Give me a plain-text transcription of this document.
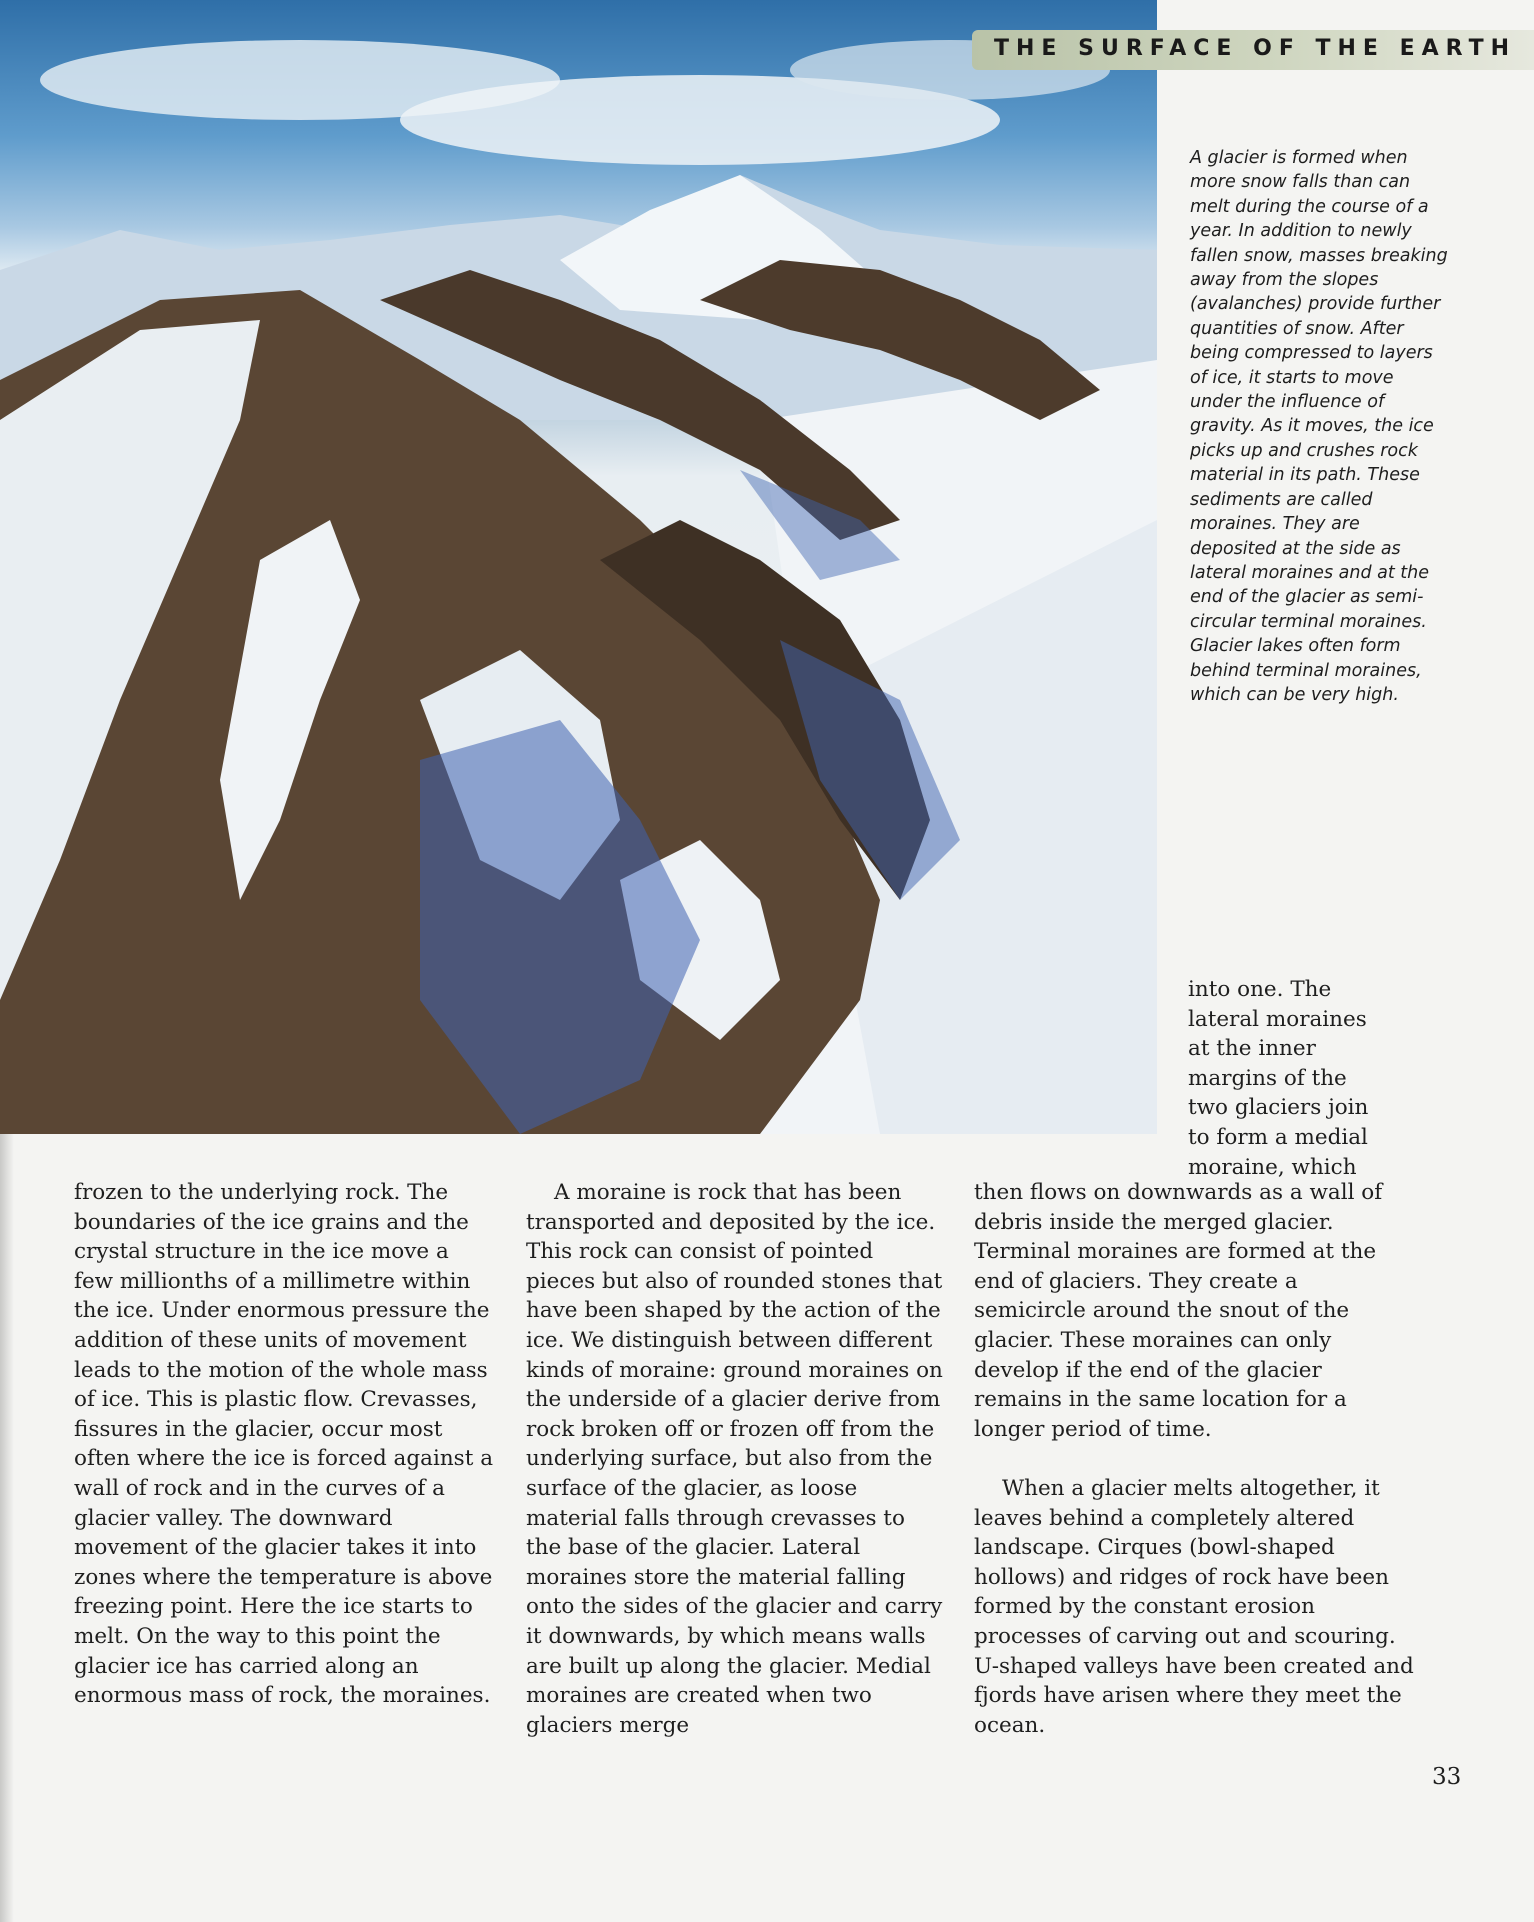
THE SURFACE OF THE EARTH

A glacier is formed when more snow falls than can melt during the course of a year. In addition to newly fallen snow, masses breaking away from the slopes (avalanches) provide further quantities of snow. After being compressed to layers of ice, it starts to move under the influence of gravity. As it moves, the ice picks up and crushes rock material in its path. These sediments are called moraines. They are deposited at the side as lateral moraines and at the end of the glacier as semi-circular terminal moraines. Glacier lakes often form behind terminal moraines, which can be very high.

into one. The lateral moraines at the inner margins of the two glaciers join to form a medial moraine, which

frozen to the underlying rock. The boundaries of the ice grains and the crystal structure in the ice move a few millionths of a millimetre within the ice. Under enormous pressure the addition of these units of movement leads to the motion of the whole mass of ice. This is plastic flow. Crevasses, fissures in the glacier, occur most often where the ice is forced against a wall of rock and in the curves of a glacier valley. The downward movement of the glacier takes it into zones where the temperature is above freezing point. Here the ice starts to melt. On the way to this point the glacier ice has carried along an enormous mass of rock, the moraines.

A moraine is rock that has been transported and deposited by the ice. This rock can consist of pointed pieces but also of rounded stones that have been shaped by the action of the ice. We distinguish between different kinds of moraine: ground moraines on the underside of a glacier derive from rock broken off or frozen off from the underlying surface, but also from the surface of the glacier, as loose material falls through crevasses to the base of the glacier. Lateral moraines store the material falling onto the sides of the glacier and carry it downwards, by which means walls are built up along the glacier. Medial moraines are created when two glaciers merge

then flows on downwards as a wall of debris inside the merged glacier. Terminal moraines are formed at the end of glaciers. They create a semicircle around the snout of the glacier. These moraines can only develop if the end of the glacier remains in the same location for a longer period of time.

When a glacier melts altogether, it leaves behind a completely altered landscape. Cirques (bowl-shaped hollows) and ridges of rock have been formed by the constant erosion processes of carving out and scouring. U-shaped valleys have been created and fjords have arisen where they meet the ocean.

33
